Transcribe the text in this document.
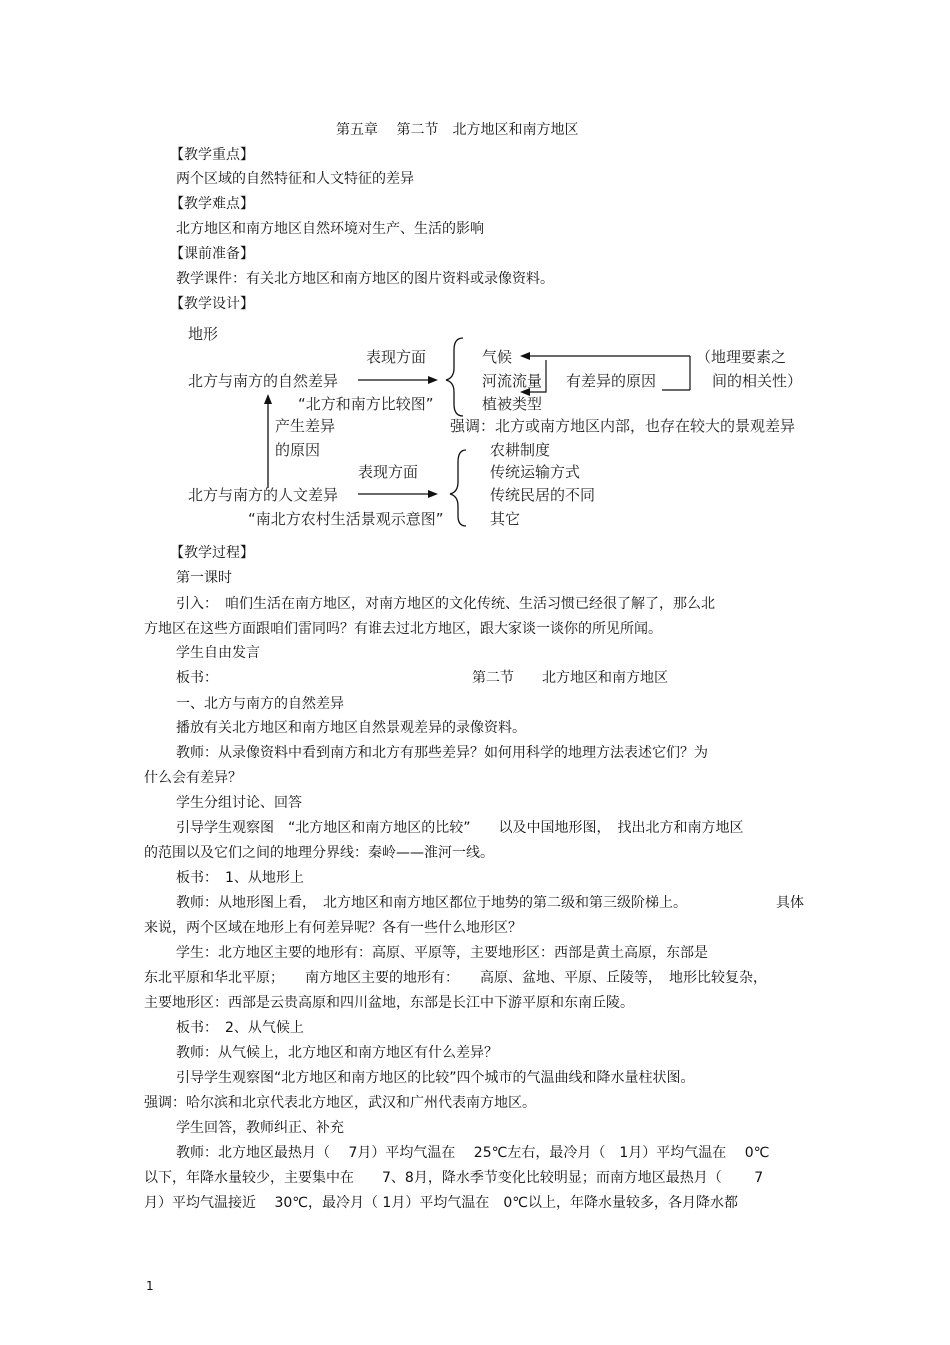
第五章　 第二节　北方地区和南方地区
【教学重点】
两个区域的自然特征和人文特征的差异
【教学难点】
北方地区和南方地区自然环境对生产、生活的影响
【课前准备】
教学课件：有关北方地区和南方地区的图片资料或录像资料。
【教学设计】
地形
表现方面	气候	（地理要素之
北方与南方的自然差异	河流流量 有差异的原因	间的相关性）
“北方和南方比较图”	植被类型
产生差异	强调：北方或南方地区内部，也存在较大的景观差异
农耕制度
的原因
表现方面	传统运输方式
北方与南方的人文差异	传统民居的不同
“南北方农村生活景观示意图”	其它
【教学过程】
第一课时
引入：　咱们生活在南方地区，对南方地区的文化传统、生活习惯已经很了解了，那么北
方地区在这些方面跟咱们雷同吗？有谁去过北方地区，跟大家谈一谈你的所见所闻。
学生自由发言
板书：	第二节　　北方地区和南方地区
一、北方与南方的自然差异
播放有关北方地区和南方地区自然景观差异的录像资料。
教师：从录像资料中看到南方和北方有那些差异？如何用科学的地理方法表述它们？为
什么会有差异？
学生分组讨论、回答
引导学生观察图　“北方地区和南方地区的比较”　　以及中国地形图，　找出北方和南方地区
的范围以及它们之间的地理分界线：秦岭——淮河一线。
板书：　1、从地形上
教师：从地形图上看，　北方地区和南方地区都位于地势的第二级和第三级阶梯上。	具体
来说，两个区域在地形上有何差异呢？各有一些什么地形区？
学生：北方地区主要的地形有：高原、平原等，主要地形区：西部是黄土高原，东部是
东北平原和华北平原；　　南方地区主要的地形有：　　高原、盆地、平原、丘陵等，　地形比较复杂，
主要地形区：西部是云贵高原和四川盆地，东部是长江中下游平原和东南丘陵。
板书：　2、从气候上
教师：从气候上，北方地区和南方地区有什么差异？
引导学生观察图“北方地区和南方地区的比较”四个城市的气温曲线和降水量柱状图。
强调：哈尔滨和北京代表北方地区，武汉和广州代表南方地区。
学生回答，教师纠正、补充
教师：北方地区最热月（　 7月）平均气温在　 25℃左右，最冷月（　1月）平均气温在　 0℃
以下，年降水量较少，主要集中在　　7、8月，降水季节变化比较明显；而南方地区最热月（　　 7
月）平均气温接近　 30℃，最冷月（ 1月）平均气温在　0℃以上，年降水量较多，各月降水都
1
